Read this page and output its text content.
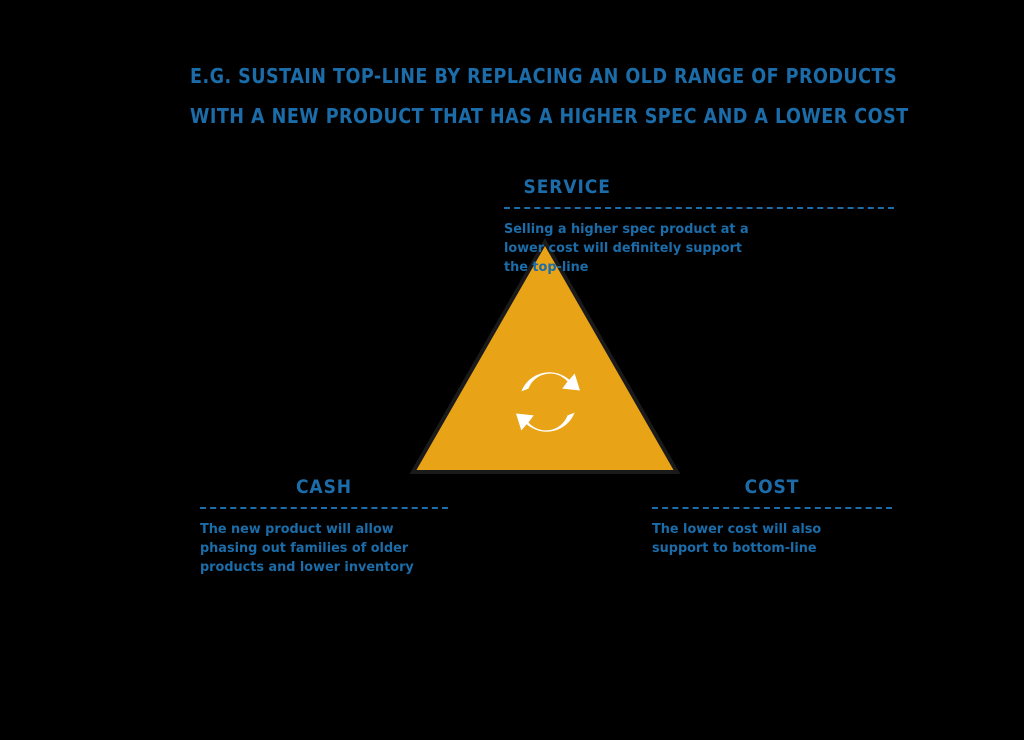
E.G. SUSTAIN TOP-LINE BY REPLACING AN OLD RANGE OF PRODUCTS
WITH A NEW PRODUCT THAT HAS A HIGHER SPEC AND A LOWER COST
SERVICE
Selling a higher spec product at a lower cost will definitely support the top-line
CASH
The new product will allow phasing out families of older products and lower inventory
COST
The lower cost will also support to bottom-line
